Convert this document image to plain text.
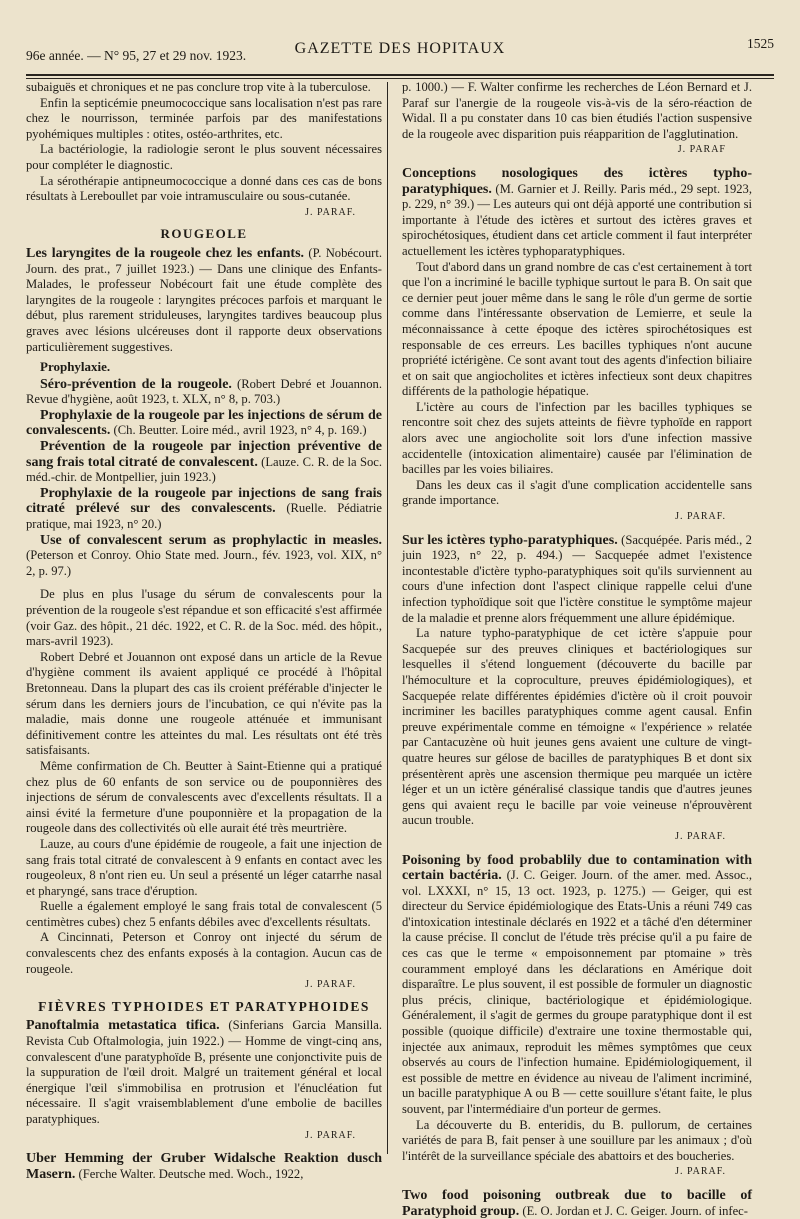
96e année. — N° 95, 27 et 29 nov. 1923.	GAZETTE DES HOPITAUX	1525

subaiguës et chroniques et ne pas conclure trop vite à la tuberculose.

Enfin la septicémie pneumococcique sans localisation n'est pas rare chez le nourrisson, terminée parfois par des manifestations pyohémiques multiples : otites, ostéo-arthrites, etc.

La bactériologie, la radiologie seront le plus souvent nécessaires pour compléter le diagnostic.

La sérothérapie antipneumococcique a donné dans ces cas de bons résultats à Lereboullet par voie intramusculaire ou sous-cutanée.

J. PARAF.
ROUGEOLE

Les laryngites de la rougeole chez les enfants. (P. Nobécourt. Journ. des prat., 7 juillet 1923.) — Dans une clinique des Enfants-Malades, le professeur Nobécourt fait une étude complète des laryngites de la rougeole : laryngites précoces parfois et marquant le début, plus rarement striduleuses, laryngites tardives beaucoup plus graves avec lésions ulcéreuses dont il rapporte deux observations particulièrement suggestives.

Prophylaxie.

Séro-prévention de la rougeole. (Robert Debré et Jouannon. Revue d'hygiène, août 1923, t. XLX, n° 8, p. 703.)

Prophylaxie de la rougeole par les injections de sérum de convalescents. (Ch. Beutter. Loire méd., avril 1923, n° 4, p. 169.)

Prévention de la rougeole par injection préventive de sang frais total citraté de convalescent. (Lauze. C. R. de la Soc. méd.-chir. de Montpellier, juin 1923.)

Prophylaxie de la rougeole par injections de sang frais citraté prélevé sur des convalescents. (Ruelle. Pédiatrie pratique, mai 1923, n° 20.)

Use of convalescent serum as prophylactic in measles. (Peterson et Conroy. Ohio State med. Journ., fév. 1923, vol. XIX, n° 2, p. 97.)

De plus en plus l'usage du sérum de convalescents pour la prévention de la rougeole s'est répandue et son efficacité s'est affirmée (voir Gaz. des hôpit., 21 déc. 1922, et C. R. de la Soc. méd. des hôpit., mars-avril 1923).

Robert Debré et Jouannon ont exposé dans un article de la Revue d'hygiène comment ils avaient appliqué ce procédé à l'hôpital Bretonneau. Dans la plupart des cas ils croient préférable d'injecter le sérum dans les derniers jours de l'incubation, ce qui n'évite pas la maladie, mais donne une rougeole atténuée et immunisant définitivement contre les atteintes du mal. Les résultats ont été très satisfaisants.

Même confirmation de Ch. Beutter à Saint-Etienne qui a pratiqué chez plus de 60 enfants de son service ou de pouponnières des injections de sérum de convalescents avec d'excellents résultats. Il a ainsi évité la fermeture d'une pouponnière et la propagation de la rougeole dans des collectivités où elle aurait été très meurtrière.

Lauze, au cours d'une épidémie de rougeole, a fait une injection de sang frais total citraté de convalescent à 9 enfants en contact avec les rougeoleux, 8 n'ont rien eu. Un seul a présenté un léger catarrhe nasal et pharyngé, sans trace d'éruption.

Ruelle a également employé le sang frais total de convalescent (5 centimètres cubes) chez 5 enfants débiles avec d'excellents résultats.

A Cincinnati, Peterson et Conroy ont injecté du sérum de convalescents chez des enfants exposés à la contagion. Aucun cas de rougeole.

J. PARAF.
FIÈVRES TYPHOIDES ET PARATYPHOIDES

Panoftalmia metastatica tifica. (Sinferians Garcia Mansilla. Revista Cub Oftalmologia, juin 1922.) — Homme de vingt-cinq ans, convalescent d'une paratyphoïde B, présente une conjonctivite puis de la suppuration de l'œil droit. Malgré un traitement général et local énergique l'œil s'immobilisa en protrusion et l'énucléation fut nécessaire. Il s'agit vraisemblablement d'une embolie de bacilles paratyphiques.

J. PARAF.

Uber Hemming der Gruber Widalsche Reaktion dusch Masern. (Ferche Walter. Deutsche med. Woch., 1922,

p. 1000.) — F. Walter confirme les recherches de Léon Bernard et J. Paraf sur l'anergie de la rougeole vis-à-vis de la séro-réaction de Widal. Il a pu constater dans 10 cas bien étudiés l'action suspensive de la rougeole avec disparition puis réapparition de l'agglutination.

J. PARAF

Conceptions nosologiques des ictères typho-paratyphiques. (M. Garnier et J. Reilly. Paris méd., 29 sept. 1923, p. 229, n° 39.) — Les auteurs qui ont déjà apporté une contribution si importante à l'étude des ictères et surtout des ictères graves et spirochétosiques, étudient dans cet article comment il faut interpréter actuellement les ictères typhoparatyphiques.

Tout d'abord dans un grand nombre de cas c'est certainement à tort que l'on a incriminé le bacille typhique surtout le para B. On sait que ce dernier peut jouer même dans le sang le rôle d'un germe de sortie comme dans l'intéressante observation de Lemierre, et seule la méconnaissance à cette époque des ictères spirochétosiques est responsable de ces erreurs. Les bacilles typhiques n'ont aucune propriété ictérigène. Ce sont avant tout des agents d'infection biliaire et on sait que angiocholites et ictères infectieux sont deux chapitres différents de la pathologie hépatique.

L'ictère au cours de l'infection par les bacilles typhiques se rencontre soit chez des sujets atteints de fièvre typhoïde en rapport alors avec une angiocholite soit lors d'une infection massive accidentelle (intoxication alimentaire) causée par l'élimination de bacilles par les voies biliaires.

Dans les deux cas il s'agit d'une complication accidentelle sans grande importance.

J. PARAF.

Sur les ictères typho-paratyphiques. (Sacquépée. Paris méd., 2 juin 1923, n° 22, p. 494.) — Sacquepée admet l'existence incontestable d'ictère typho-paratyphiques soit qu'ils surviennent au cours d'une infection dont l'aspect clinique rappelle celui d'une infection typhoïdique soit que l'ictère constitue le symptôme majeur de la maladie et prenne alors fréquemment une allure épidémique.

La nature typho-paratyphique de cet ictère s'appuie pour Sacquepée sur des preuves cliniques et bactériologiques sur lesquelles il s'étend longuement (découverte du bacille par l'hémoculture et la coproculture, preuves épidémiologiques), et Sacquepée relate différentes épidémies d'ictère où il croit pouvoir incriminer les bacilles paratyphiques comme agent causal. Enfin preuve expérimentale comme en témoigne « l'expérience » relatée par Cantacuzène où huit jeunes gens avaient une culture de vingt-quatre heures sur gélose de bacilles de paratyphiques B et dont six présentèrent après une ascension thermique peu marquée un ictère léger et un un ictère généralisé classique tandis que d'autres jeunes gens qui avaient reçu le bacille par voie veineuse n'éprouvèrent aucun trouble.

J. PARAF.

Poisoning by food probablily due to contamination with certain bactéria. (J. C. Geiger. Journ. of the amer. med. Assoc., vol. LXXXI, n° 15, 13 oct. 1923, p. 1275.) — Geiger, qui est directeur du Service épidémiologique des Etats-Unis a réuni 749 cas d'intoxication intestinale déclarés en 1922 et a tâché d'en déterminer la cause précise. Il conclut de l'étude très précise qu'il a pu faire de ces cas que le terme « empoisonnement par ptomaine » très couramment employé dans les déclarations en Amérique doit disparaître. Le plus souvent, il est possible de formuler un diagnostic plus précis, clinique, bactériologique et épidémiologique. Généralement, il s'agit de germes du groupe paratyphique dont il est possible (quoique difficile) d'extraire une toxine thermostable qui, injectée aux animaux, reproduit les mêmes symptômes que ceux observés au cours de l'infection humaine. Epidémiologiquement, il est possible de mettre en évidence au niveau de l'aliment incriminé, un bacille paratyphique A ou B — cette souillure s'étant faite, le plus souvent, par l'intermédiaire d'un porteur de germes.

La découverte du B. enteridis, du B. pullorum, de certaines variétés de para B, fait penser à une souillure par les animaux ; d'où l'intérêt de la surveillance spéciale des abattoirs et des boucheries.

J. PARAF.

Two food poisoning outbreak due to bacille of Paratyphoid group. (E. O. Jordan et J. C. Geiger. Journ. of infec-
